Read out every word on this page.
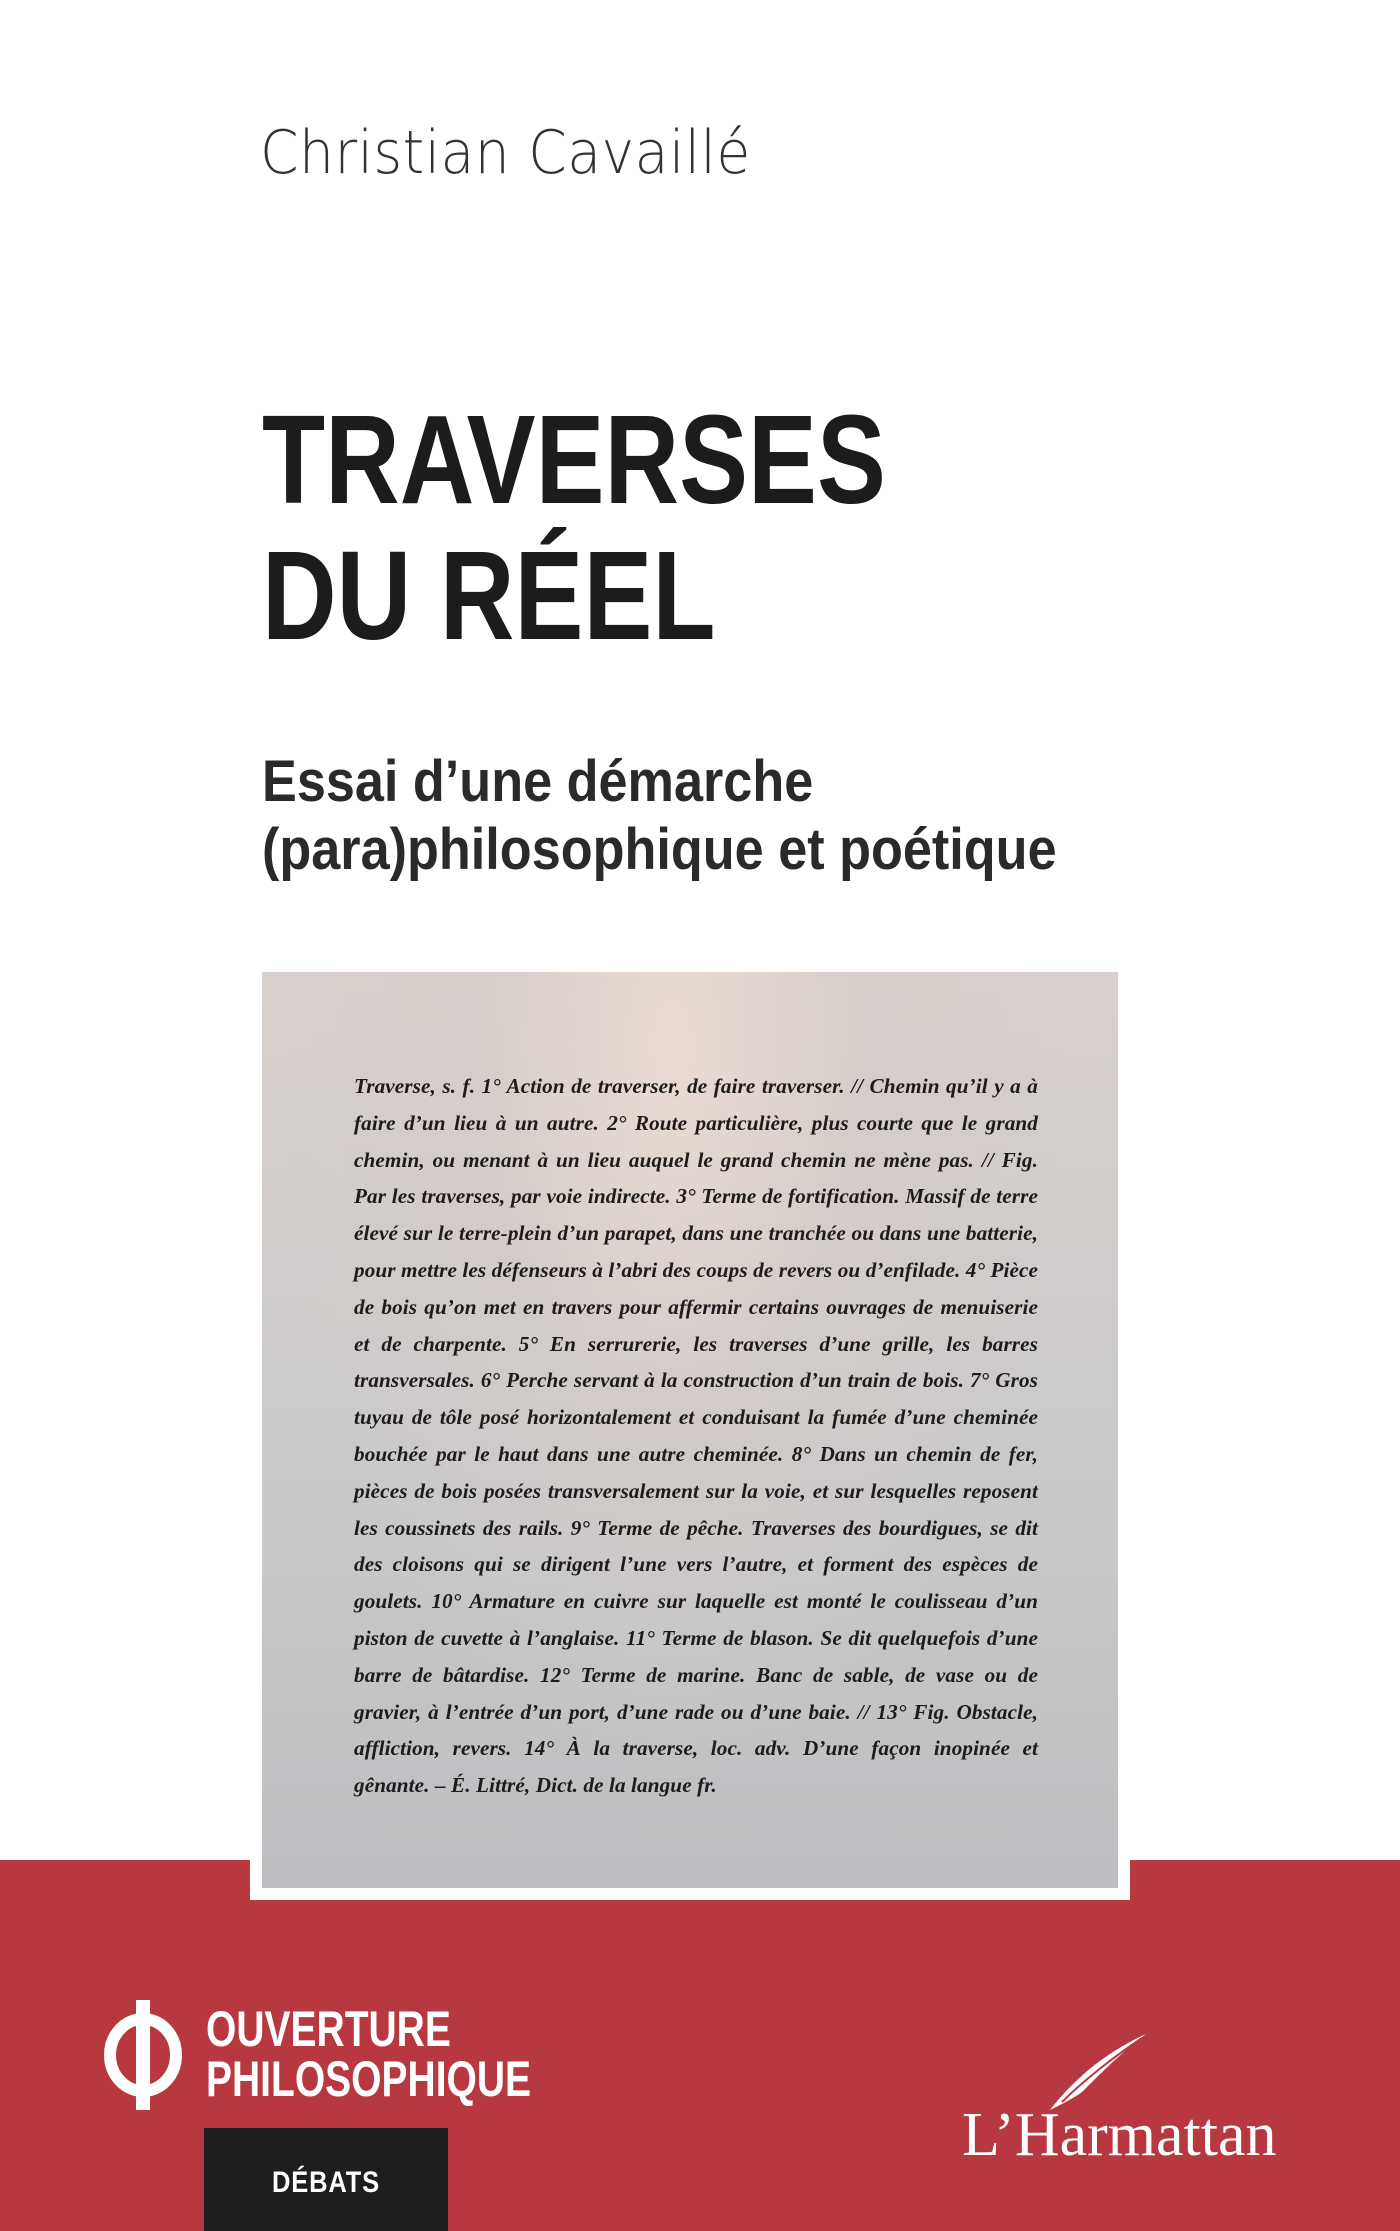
Christian Cavaillé

TRAVERSES
DU RÉEL
Essai d’une démarche
(para)philosophique et poétique

Traverse, s. f. 1° Action de traverser, de faire traverser. // Chemin qu’il y a à faire d’un lieu à un autre. 2° Route particulière, plus courte que le grand chemin, ou menant à un lieu auquel le grand chemin ne mène pas. // Fig. Par les traverses, par voie indirecte. 3° Terme de fortification. Massif de terre élevé sur le terre-plein d’un parapet, dans une tranchée ou dans une batterie, pour mettre les défenseurs à l’abri des coups de revers ou d’enfilade. 4° Pièce de bois qu’on met en travers pour affermir certains ouvrages de menuiserie et de charpente. 5° En serrurerie, les traverses d’une grille, les barres transversales. 6° Perche servant à la construction d’un train de bois. 7° Gros tuyau de tôle posé horizontalement et conduisant la fumée d’une cheminée bouchée par le haut dans une autre cheminée. 8° Dans un chemin de fer, pièces de bois posées transversalement sur la voie, et sur lesquelles reposent les coussinets des rails. 9° Terme de pêche. Traverses des bourdigues, se dit des cloisons qui se dirigent l’une vers l’autre, et forment des espèces de goulets. 10° Armature en cuivre sur laquelle est monté le coulisseau d’un piston de cuvette à l’anglaise. 11° Terme de blason. Se dit quelquefois d’une barre de bâtardise. 12° Terme de marine. Banc de sable, de vase ou de gravier, à l’entrée d’un port, d’une rade ou d’une baie. // 13° Fig. Obstacle, affliction, revers. 14° À la traverse, loc. adv. D’une façon inopinée et gênante. – É. Littré, Dict. de la langue fr.

OUVERTURE
PHILOSOPHIQUE

DÉBATS

L’Harmattan
